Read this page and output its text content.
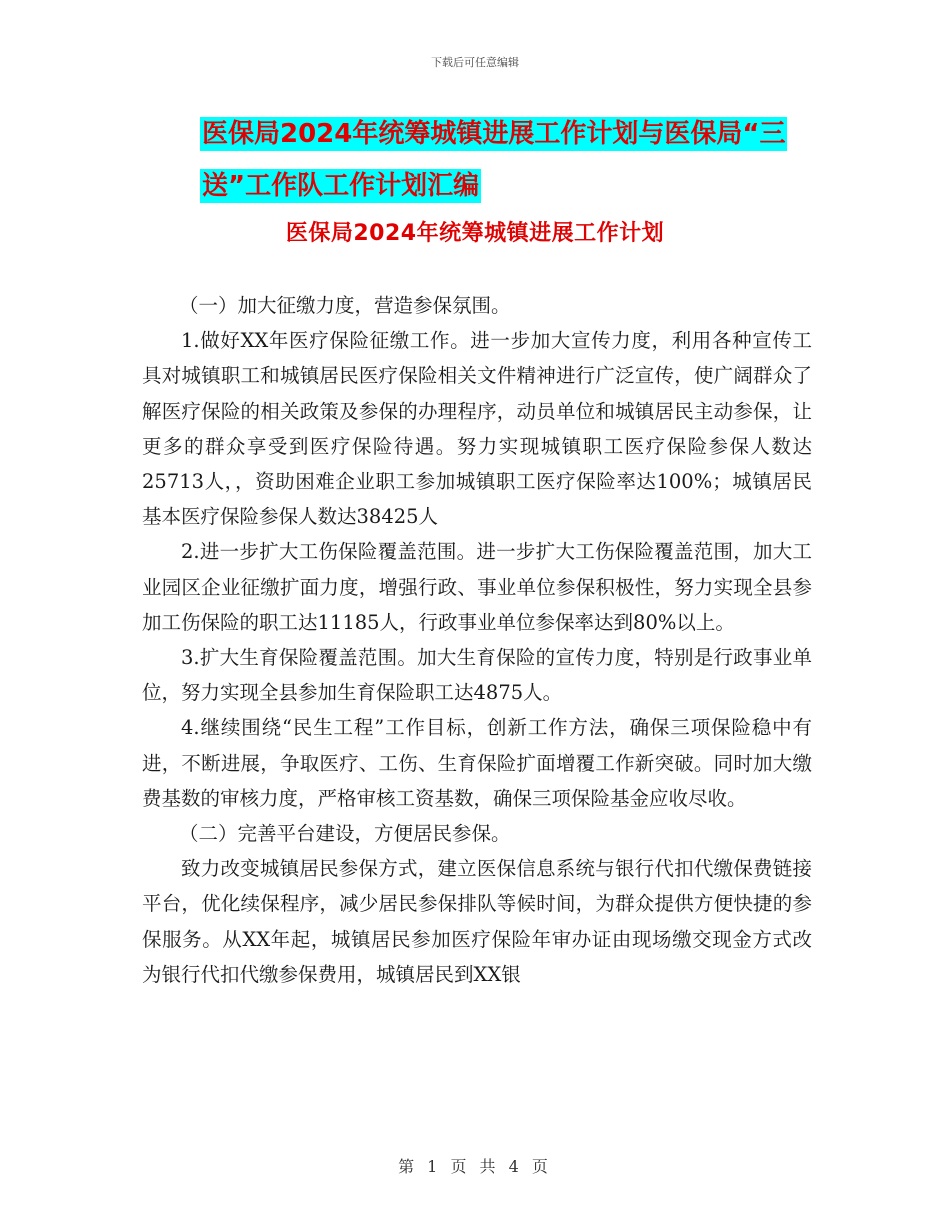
下载后可任意编辑
医保局2024年统筹城镇进展工作计划与医保局“三
送”工作队工作计划汇编
医保局2024年统筹城镇进展工作计划

（一）加大征缴力度，营造参保氛围。

1.做好XX年医疗保险征缴工作。进一步加大宣传力度，利用各种宣传工具对城镇职工和城镇居民医疗保险相关文件精神进行广泛宣传，使广阔群众了解医疗保险的相关政策及参保的办理程序，动员单位和城镇居民主动参保，让更多的群众享受到医疗保险待遇。努力实现城镇职工医疗保险参保人数达25713人，，资助困难企业职工参加城镇职工医疗保险率达100%；城镇居民基本医疗保险参保人数达38425人

2.进一步扩大工伤保险覆盖范围。进一步扩大工伤保险覆盖范围，加大工业园区企业征缴扩面力度，增强行政、事业单位参保积极性，努力实现全县参加工伤保险的职工达11185人，行政事业单位参保率达到80%以上。

3.扩大生育保险覆盖范围。加大生育保险的宣传力度，特别是行政事业单位，努力实现全县参加生育保险职工达4875人。

4.继续围绕“民生工程”工作目标，创新工作方法，确保三项保险稳中有进，不断进展，争取医疗、工伤、生育保险扩面增覆工作新突破。同时加大缴费基数的审核力度，严格审核工资基数，确保三项保险基金应收尽收。

（二）完善平台建设，方便居民参保。

致力改变城镇居民参保方式，建立医保信息系统与银行代扣代缴保费链接平台，优化续保程序，减少居民参保排队等候时间，为群众提供方便快捷的参保服务。从XX年起，城镇居民参加医疗保险年审办证由现场缴交现金方式改为银行代扣代缴参保费用，城镇居民到XX银

第 1 页 共 4 页
